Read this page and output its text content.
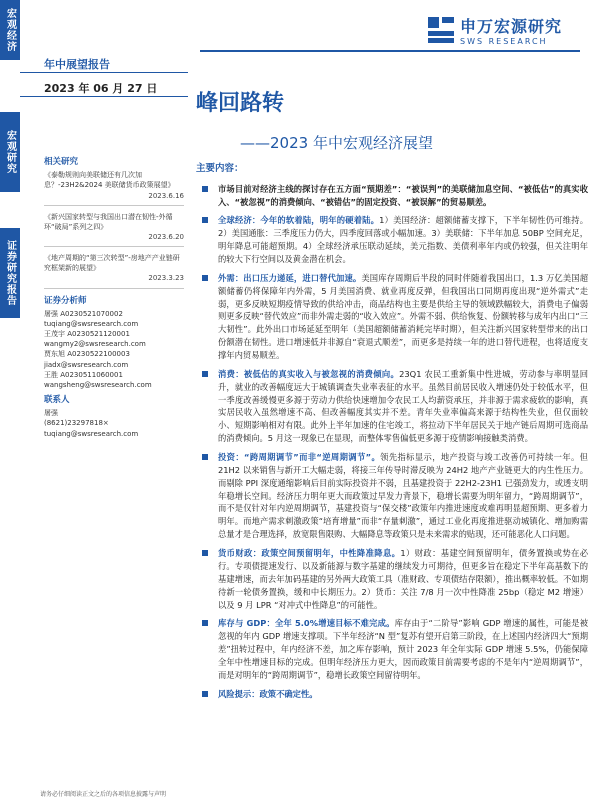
宏观经济
宏观研究
证券研究报告
年中展望报告
2023 年 06 月 27 日
申万宏源研究
SWS RESEARCH
峰回路转
——2023 年中宏观经济展望
相关研究
《泰勒规则向美联储还有几次加息？-23H2&2024 美联储货币政策展望》
2023.6.16
《新兴国家转型与我国出口潜在韧性-外循环“破局”系列之四》
2023.6.20
《地产周期的“第三次转型”-房地产产业链研究框架新的展望》
2023.3.23
证券分析师
屠强 A0230521070002
tuqiang@swsresearch.com
王茂宇 A0230521120001
wangmy2@swsresearch.com
贾东旭 A0230522100003
jiadx@swsresearch.com
王胜 A0230511060001
wangsheng@swsresearch.com
联系人
屠强
(8621)23297818×
tuqiang@swsresearch.com
主要内容：
市场目前对经济主线的探讨存在五方面“预期差”：“被误判”的美联储加息空间、“被低估”的真实收入、“被忽视”的消费倾向、“被错估”的固定投资、“被误解”的贸易顺差。
全球经济：今年的软着陆，明年的硬着陆。1）美国经济：超额储蓄支撑下，下半年韧性仍可维持。2）美国通胀：三季度压力仍大，四季度回落或小幅加速。3）美联储：下半年加息 50BP 空间充足，明年降息可能超预期。4）全球经济承压联动延续，美元指数、美债利率年内或仍较强，但关注明年的较大下行空间以及黄金潜在机会。
外需：出口压力递延，进口替代加速。美国库存周期后半段的同时伴随着我国出口，1.3 万亿美国超额储蓄仍将保障年内外需，5 月美国消费、就业再度反弹，但我国出口同期再度出现“逆外需式”走弱，更多反映短期疫情导致的供给冲击，商品结构也主要是供给主导的领域跌幅较大，消费电子偏弱则更多反映“替代效应”而非外需走弱的“收入效应”。外需不弱、供给恢复、份额转移与成年内出口“三大韧性”。此外出口市场延延至明年（美国超额储蓄消耗完毕时期），但关注新兴国家转型带来的出口份额潜在韧性。进口增速低并非源自“衰退式顺差”，而更多是持续一年的进口替代进程，也将适度支撑年内贸易顺差。
消费：被低估的真实收入与被忽视的消费倾向。23Q1 农民工重新集中性进城，劳动参与率明显回升，就业的改善幅度远大于城镇调查失业率表征的水平。虽然目前居民收入增速仍处于较低水平，但一季度改善缓慢更多源于劳动力供给快速增加令农民工人均薪资承压，并非源于需求疲软的影响，真实居民收入虽然增速不高、但改善幅度其实并不差。青年失业率偏高来源于结构性失业，但仅面较小、短期影响相对有限。此外上半年加速的住宅竣工，将拉动下半年居民关于地产链后周期可选商品的消费倾向。5 月这一现象已在显现，而整体零售偏低更多源于疫情影响接触类消费。
投资：“跨周期调节”而非“逆周期调节”。领先指标显示，地产投资与竣工改善仍可持续一年。但 21H2 以来销售与新开工大幅走弱，将接三年传导时滞反映为 24H2 地产产业链更大的内生性压力。而剔除 PPI 深度通缩影响后目前实际投资并不弱，且基建投资于 22H2-23H1 已强劲发力，或透支明年稳增长空间。经济压力明年更大而政策过早发力背景下，稳增长需要为明年留力，“跨周期调节”，而不是仅针对年内逆周期调节，基建投资与“保交楼”政策年内推进速度或难再明显超预期、更多着力明年。而地产需求刺激政策“培育增量”而非“存量刺激”，通过工业化再度推进驱动城镇化、增加购需总量才是合理选择，放宽限售限购、大幅降息等政策只是未来需求的贴现，还可能恶化人口问题。
货币财政：政策空间预留明年，中性降准降息。1）财政：基建空间预留明年，债务置换或势在必行。专项债提速发行、以及新能源与数字基建的继续发力可期待，但更多旨在稳定下半年高基数下的基建增速，而去年加码基建的另外两大政策工具（准财政、专项债结存限额），推出概率较低。不如期待新一轮债务置换，缓和中长期压力。2）货币：关注 7/8 月一次中性降准 25bp（稳定 M2 增速）以及 9 月 LPR “对冲式中性降息”的可能性。
库存与 GDP：全年 5.0%增速目标不难完成。库存由于“二阶导”影响 GDP 增速的属性，可能是被忽视的年内 GDP 增速支撑项。下半年经济“N 型”复苏有望开启第三阶段，在上述国内经济四大“预期差”扭转过程中，年内经济不差，加之库存影响，预计 2023 年全年实际 GDP 增速 5.5%，仍能保障全年中性增速目标的完成。但明年经济压力更大，因而政策目前需要考虑的不是年内“逆周期调节”，而是对明年的“跨周期调节”，稳增长政策空间留待明年。
风险提示：政策不确定性。
请务必仔细阅读正文之后的各项信息披露与声明
